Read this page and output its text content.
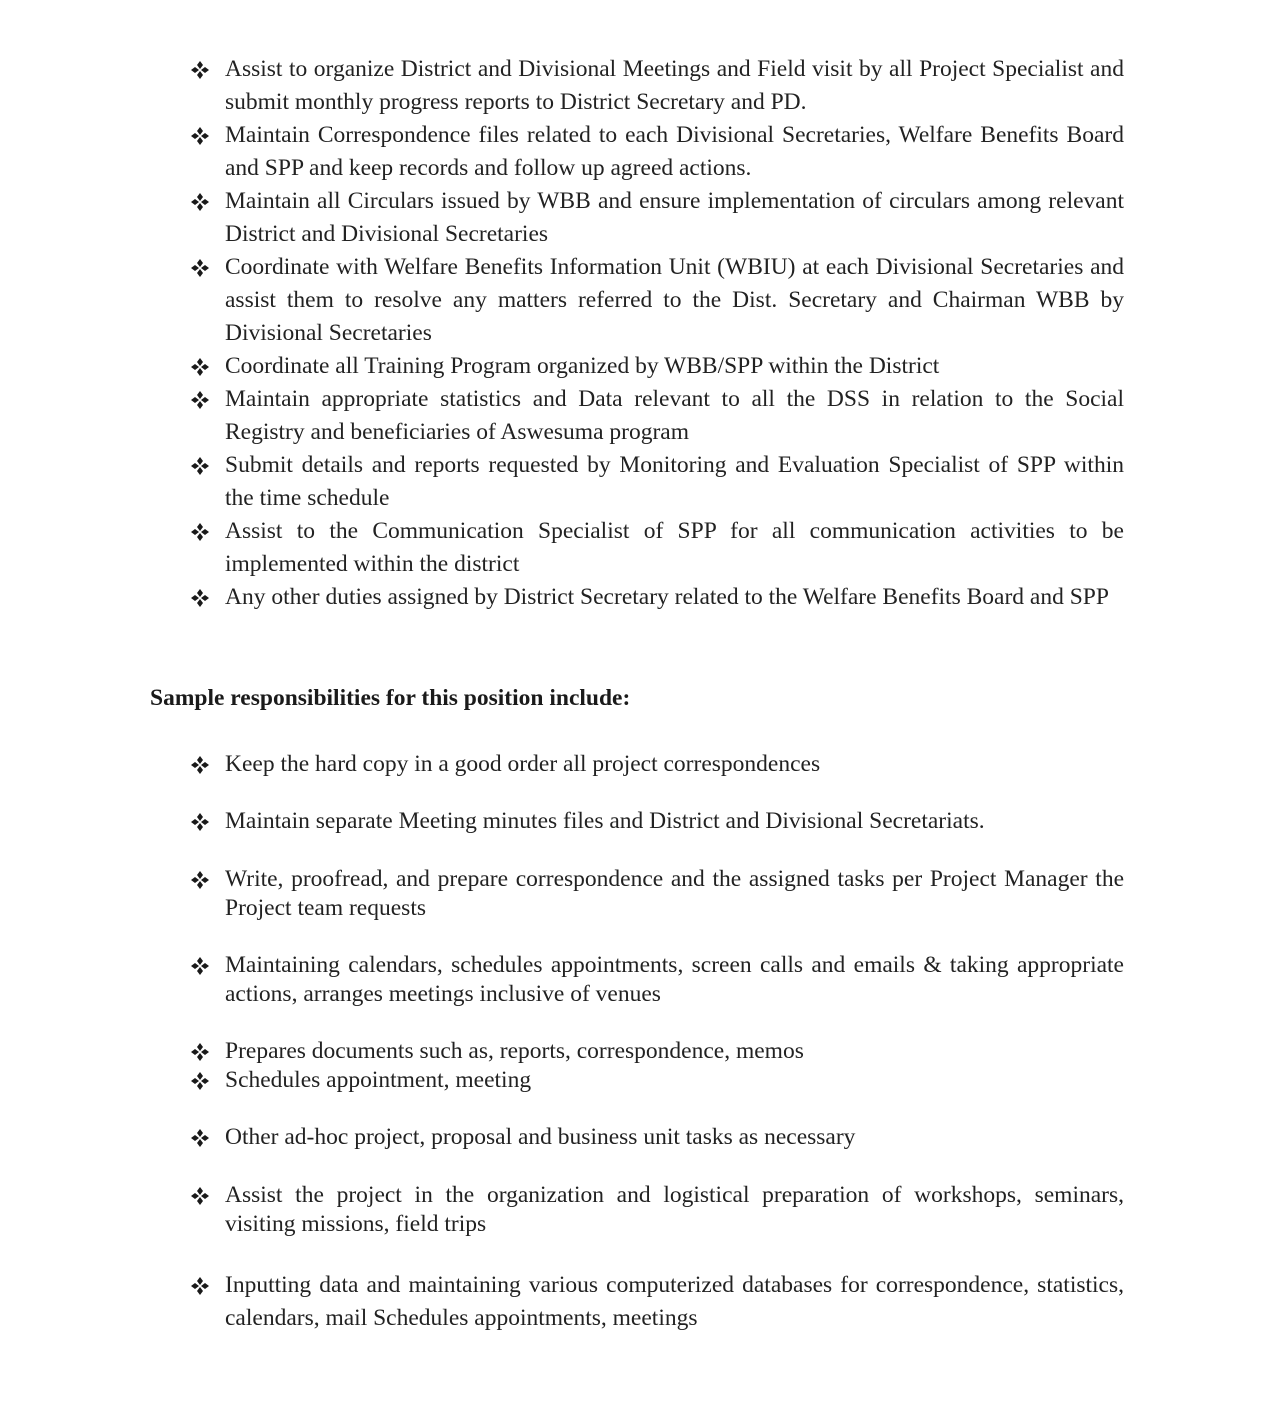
Assist to organize District and Divisional Meetings and Field visit by all Project Specialist and submit monthly progress reports to District Secretary and PD.
Maintain Correspondence files related to each Divisional Secretaries, Welfare Benefits Board and SPP and keep records and follow up agreed actions.
Maintain all Circulars issued by WBB and ensure implementation of circulars among relevant District and Divisional Secretaries
Coordinate with Welfare Benefits Information Unit (WBIU) at each Divisional Secretaries and assist them to resolve any matters referred to the Dist. Secretary and Chairman WBB by Divisional Secretaries
Coordinate all Training Program organized by WBB/SPP within the District
Maintain appropriate statistics and Data relevant to all the DSS in relation to the Social Registry and beneficiaries of Aswesuma program
Submit details and reports requested by Monitoring and Evaluation Specialist of SPP within the time schedule
Assist to the Communication Specialist of SPP for all communication activities to be implemented within the district
Any other duties assigned by District Secretary related to the Welfare Benefits Board and SPP
Sample responsibilities for this position include:
Keep the hard copy in a good order all project correspondences
Maintain separate Meeting minutes files and District and Divisional Secretariats.
Write, proofread, and prepare correspondence and the assigned tasks per Project Manager the Project team requests
Maintaining calendars, schedules appointments, screen calls and emails & taking appropriate actions, arranges meetings inclusive of venues
Prepares documents such as, reports, correspondence, memos
Schedules appointment, meeting
Other ad-hoc project, proposal and business unit tasks as necessary
Assist the project in the organization and logistical preparation of workshops, seminars, visiting missions, field trips
Inputting data and maintaining various computerized databases for correspondence, statistics, calendars, mail Schedules appointments, meetings
